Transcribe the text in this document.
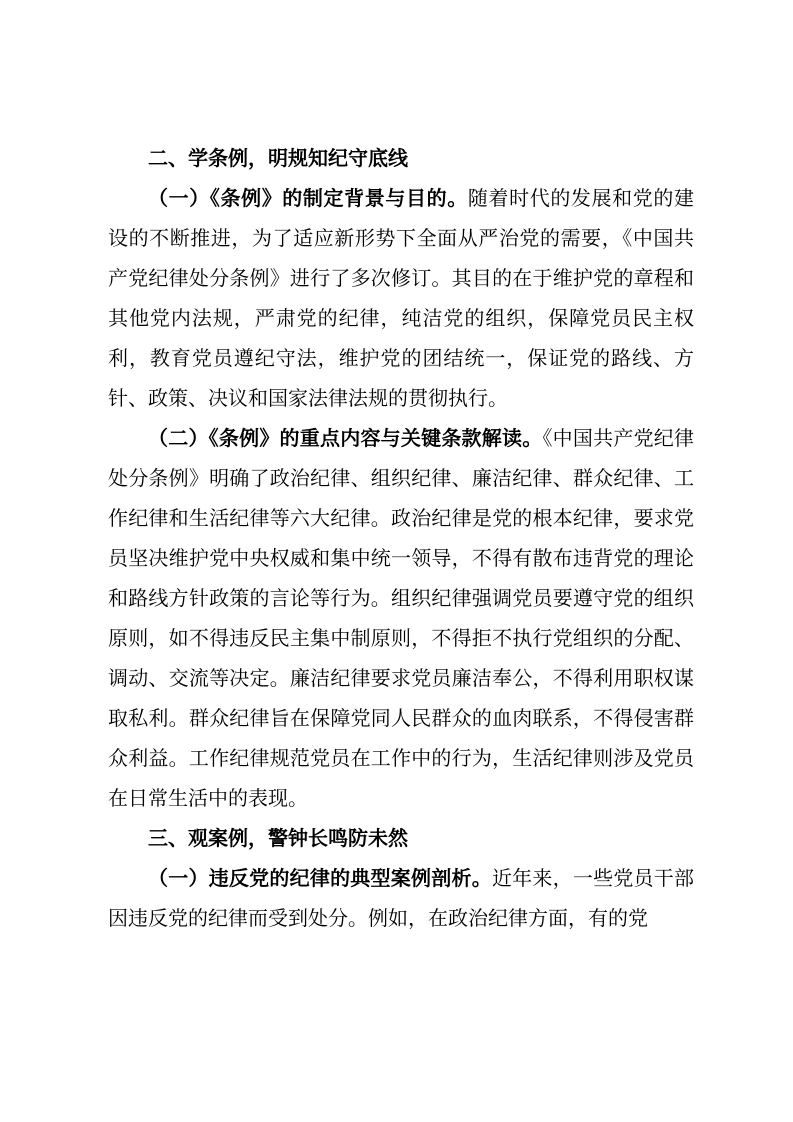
二、学条例，明规知纪守底线

（一）《条例》的制定背景与目的。随着时代的发展和党的建设的不断推进，为了适应新形势下全面从严治党的需要，《中国共产党纪律处分条例》进行了多次修订。其目的在于维护党的章程和其他党内法规，严肃党的纪律，纯洁党的组织，保障党员民主权利，教育党员遵纪守法，维护党的团结统一，保证党的路线、方针、政策、决议和国家法律法规的贯彻执行。

（二）《条例》的重点内容与关键条款解读。《中国共产党纪律处分条例》明确了政治纪律、组织纪律、廉洁纪律、群众纪律、工作纪律和生活纪律等六大纪律。政治纪律是党的根本纪律，要求党员坚决维护党中央权威和集中统一领导，不得有散布违背党的理论和路线方针政策的言论等行为。组织纪律强调党员要遵守党的组织原则，如不得违反民主集中制原则，不得拒不执行党组织的分配、调动、交流等决定。廉洁纪律要求党员廉洁奉公，不得利用职权谋取私利。群众纪律旨在保障党同人民群众的血肉联系，不得侵害群众利益。工作纪律规范党员在工作中的行为，生活纪律则涉及党员在日常生活中的表现。

三、观案例，警钟长鸣防未然

（一）违反党的纪律的典型案例剖析。近年来，一些党员干部因违反党的纪律而受到处分。例如，在政治纪律方面，有的党
